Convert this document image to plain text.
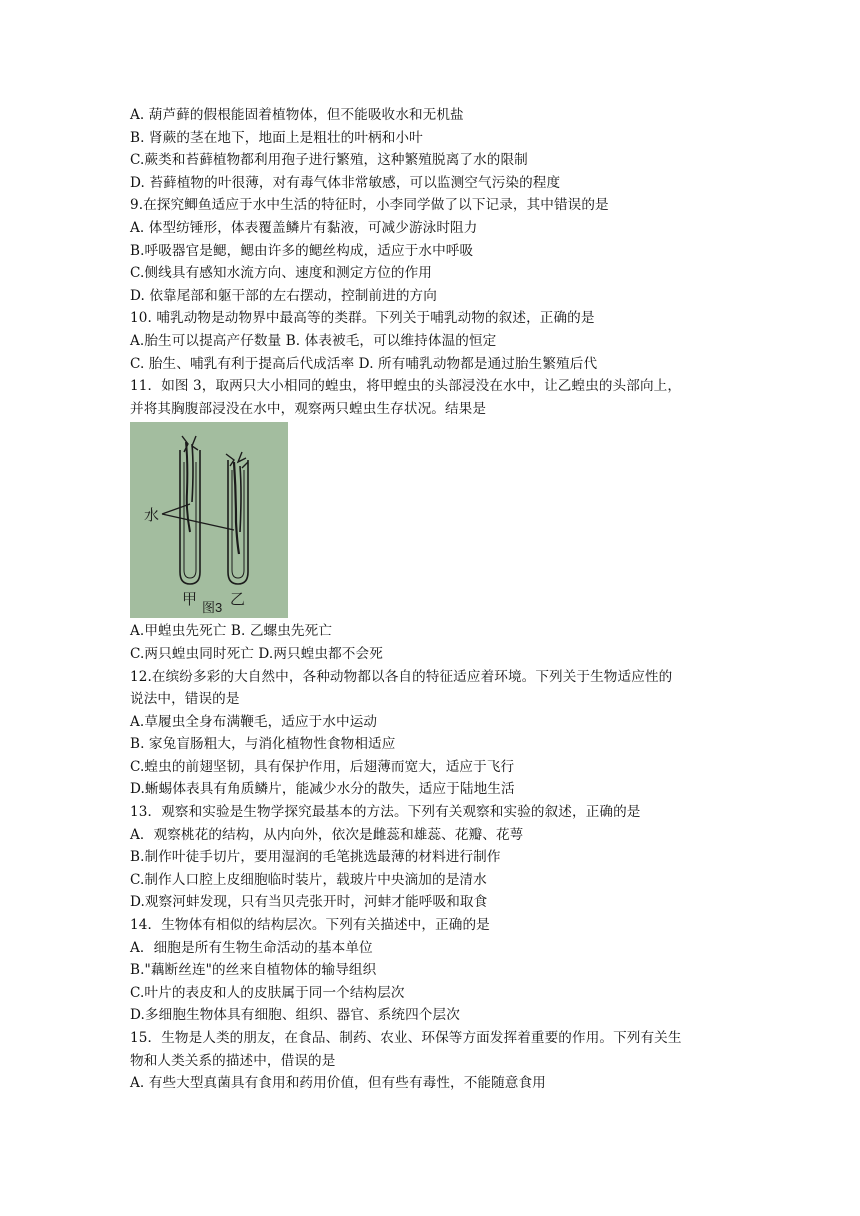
A. 葫芦藓的假根能固着植物体，但不能吸收水和无机盐
B. 肾蕨的茎在地下，地面上是粗壮的叶柄和小叶
C.蕨类和苔藓植物都利用孢子进行繁殖，这种繁殖脱离了水的限制
D. 苔藓植物的叶很薄，对有毒气体非常敏感，可以监测空气污染的程度
9.在探究鲫鱼适应于水中生活的特征时，小李同学做了以下记录，其中错误的是
A. 体型纺锤形，体表覆盖鳞片有黏液，可减少游泳时阻力
B.呼吸器官是鳃，鳃由许多的鳃丝构成，适应于水中呼吸
C.侧线具有感知水流方向、速度和测定方位的作用
D. 依靠尾部和躯干部的左右摆动，控制前进的方向
10. 哺乳动物是动物界中最高等的类群。下列关于哺乳动物的叙述，正确的是
A.胎生可以提高产仔数量 B. 体表被毛，可以维持体温的恒定
C. 胎生、哺乳有利于提高后代成活率 D. 所有哺乳动物都是通过胎生繁殖后代
11．如图 3，取两只大小相同的蝗虫，将甲蝗虫的头部浸没在水中，让乙蝗虫的头部向上，
并将其胸腹部浸没在水中，观察两只蝗虫生存状况。结果是
水
甲 乙
图3
A.甲蝗虫先死亡 B. 乙螺虫先死亡
C.两只蝗虫同时死亡 D.两只蝗虫都不会死
12.在缤纷多彩的大自然中，各种动物都以各自的特征适应着环境。下列关于生物适应性的
说法中，错误的是
A.草履虫全身布满鞭毛，适应于水中运动
B. 家兔盲肠粗大，与消化植物性食物相适应
C.蝗虫的前翅坚韧，具有保护作用，后翅薄而宽大，适应于飞行
D.蜥蜴体表具有角质鳞片，能减少水分的散失，适应于陆地生活
13．观察和实验是生物学探究最基本的方法。下列有关观察和实验的叙述，正确的是
A．观察桃花的结构，从内向外，依次是雌蕊和雄蕊、花瓣、花萼
B.制作叶徒手切片，要用湿润的毛笔挑选最薄的材料进行制作
C.制作人口腔上皮细胞临时装片，载玻片中央滴加的是清水
D.观察河蚌发现，只有当贝壳张开时，河蚌才能呼吸和取食
14．生物体有相似的结构层次。下列有关描述中，正确的是
A．细胞是所有生物生命活动的基本单位
B."藕断丝连"的丝来自植物体的输导组织
C.叶片的表皮和人的皮肤属于同一个结构层次
D.多细胞生物体具有细胞、组织、器官、系统四个层次
15．生物是人类的朋友，在食品、制药、农业、环保等方面发挥着重要的作用。下列有关生
物和人类关系的描述中，借误的是
A. 有些大型真菌具有食用和药用价值，但有些有毒性，不能随意食用
